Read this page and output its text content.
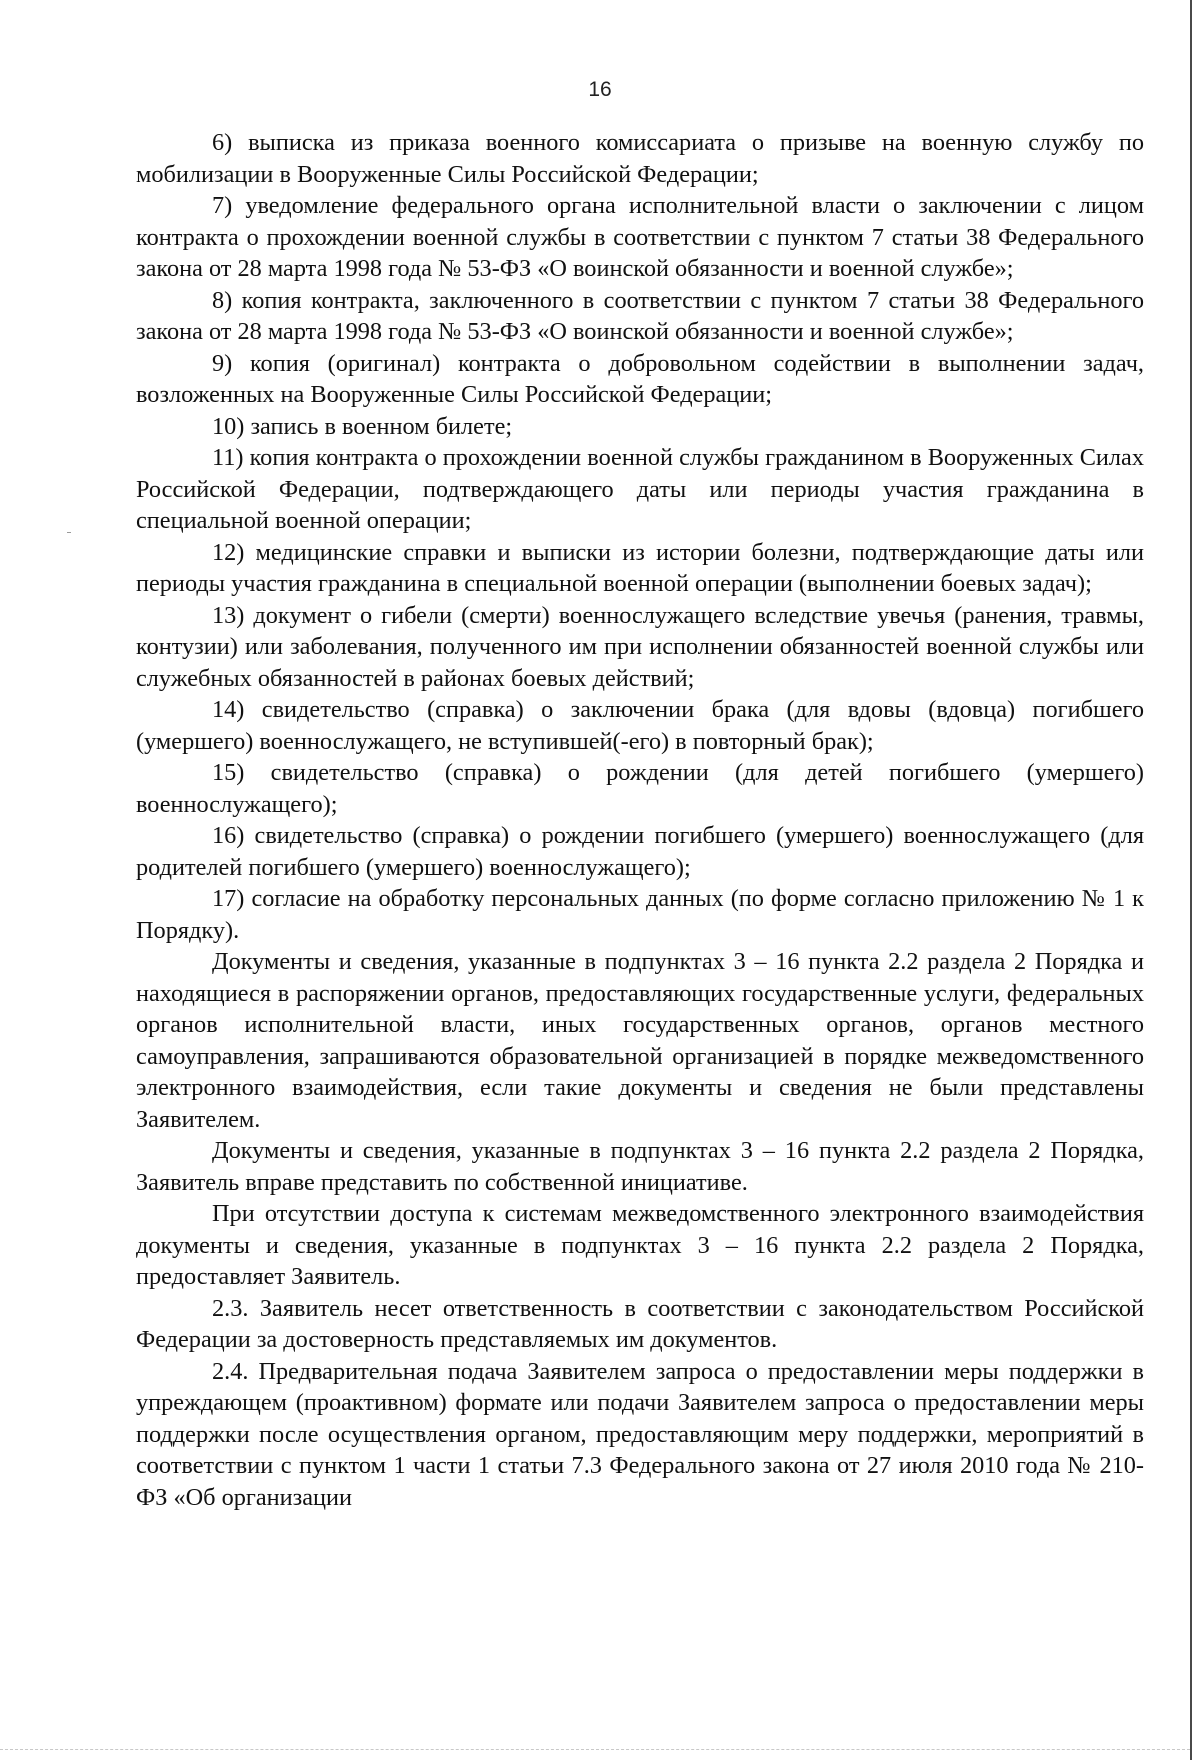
16

6) выписка из приказа военного комиссариата о призыве на военную службу по мобилизации в Вооруженные Силы Российской Федерации;

7) уведомление федерального органа исполнительной власти о заключении с лицом контракта о прохождении военной службы в соответствии с пунктом 7 статьи 38 Федерального закона от 28 марта 1998 года № 53-ФЗ «О воинской обязанности и военной службе»;

8) копия контракта, заключенного в соответствии с пунктом 7 статьи 38 Федерального закона от 28 марта 1998 года № 53-ФЗ «О воинской обязанности и военной службе»;

9) копия (оригинал) контракта о добровольном содействии в выполнении задач, возложенных на Вооруженные Силы Российской Федерации;

10) запись в военном билете;

11) копия контракта о прохождении военной службы гражданином в Вооруженных Силах Российской Федерации, подтверждающего даты или периоды участия гражданина в специальной военной операции;

12) медицинские справки и выписки из истории болезни, подтверждающие даты или периоды участия гражданина в специальной военной операции (выполнении боевых задач);

13) документ о гибели (смерти) военнослужащего вследствие увечья (ранения, травмы, контузии) или заболевания, полученного им при исполнении обязанностей военной службы или служебных обязанностей в районах боевых действий;

14) свидетельство (справка) о заключении брака (для вдовы (вдовца) погибшего (умершего) военнослужащего, не вступившей(-его) в повторный брак);

15) свидетельство (справка) о рождении (для детей погибшего (умершего) военнослужащего);

16) свидетельство (справка) о рождении погибшего (умершего) военнослужащего (для родителей погибшего (умершего) военнослужащего);

17) согласие на обработку персональных данных (по форме согласно приложению № 1 к Порядку).

Документы и сведения, указанные в подпунктах 3 – 16 пункта 2.2 раздела 2 Порядка и находящиеся в распоряжении органов, предоставляющих государственные услуги, федеральных органов исполнительной власти, иных государственных органов, органов местного самоуправления, запрашиваются образовательной организацией в порядке межведомственного электронного взаимодействия, если такие документы и сведения не были представлены Заявителем.

Документы и сведения, указанные в подпунктах 3 – 16 пункта 2.2 раздела 2 Порядка, Заявитель вправе представить по собственной инициативе.

При отсутствии доступа к системам межведомственного электронного взаимодействия документы и сведения, указанные в подпунктах 3 – 16 пункта 2.2 раздела 2 Порядка, предоставляет Заявитель.

2.3. Заявитель несет ответственность в соответствии с законодательством Российской Федерации за достоверность представляемых им документов.

2.4. Предварительная подача Заявителем запроса о предоставлении меры поддержки в упреждающем (проактивном) формате или подачи Заявителем запроса о предоставлении меры поддержки после осуществления органом, предоставляющим меру поддержки, мероприятий в соответствии с пунктом 1 части 1 статьи 7.3 Федерального закона от 27 июля 2010 года № 210-ФЗ «Об организации
